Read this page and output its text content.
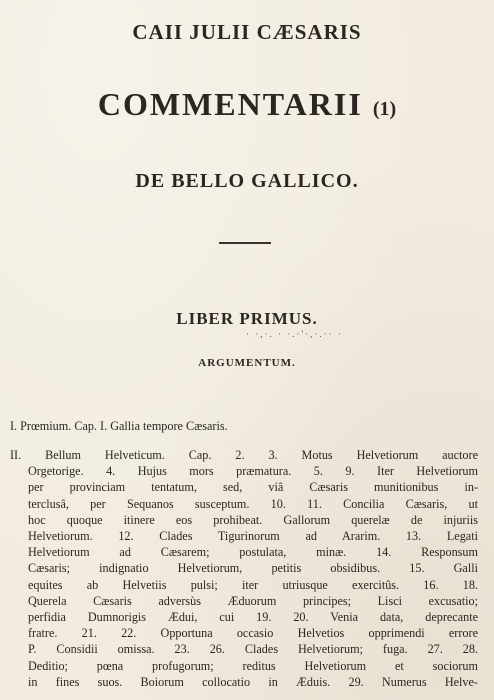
CAII JULII CÆSARIS
COMMENTARII (1)
DE BELLO GALLICO.
LIBER PRIMUS.
· ·,·. · ·.·'·,·.·· ·
ARGUMENTUM.
I. Prœmium. Cap. I. Gallia tempore Cæsaris.
II. Bellum Helveticum. Cap. 2. 3. Motus Helvetiorum auctore
Orgetorige. 4. Hujus mors præmatura. 5. 9. Iter Helvetiorum
per provinciam tentatum, sed, viâ Cæsaris munitionibus in-
terclusâ, per Sequanos susceptum. 10. 11. Concilia Cæsaris, ut
hoc quoque itinere eos prohibeat. Gallorum querelæ de injuriis
Helvetiorum. 12. Clades Tigurinorum ad Ararim. 13. Legati
Helvetiorum ad Cæsarem; postulata, minæ. 14. Responsum
Cæsaris; indignatio Helvetiorum, petitis obsidibus. 15. Galli
equites ab Helvetiis pulsi; iter utriusque exercitûs. 16. 18.
Querela Cæsaris adversùs Æduorum principes; Lisci excusatio;
perfidia Dumnorigis Ædui, cui 19. 20. Venia data, deprecante
fratre. 21. 22. Opportuna occasio Helvetios opprimendi errore
P. Considii omissa. 23. 26. Clades Helvetiorum; fuga. 27. 28.
Deditio; pœna profugorum; reditus Helvetiorum et sociorum
in fines suos. Boiorum collocatio in Æduis. 29. Numerus Helve-
